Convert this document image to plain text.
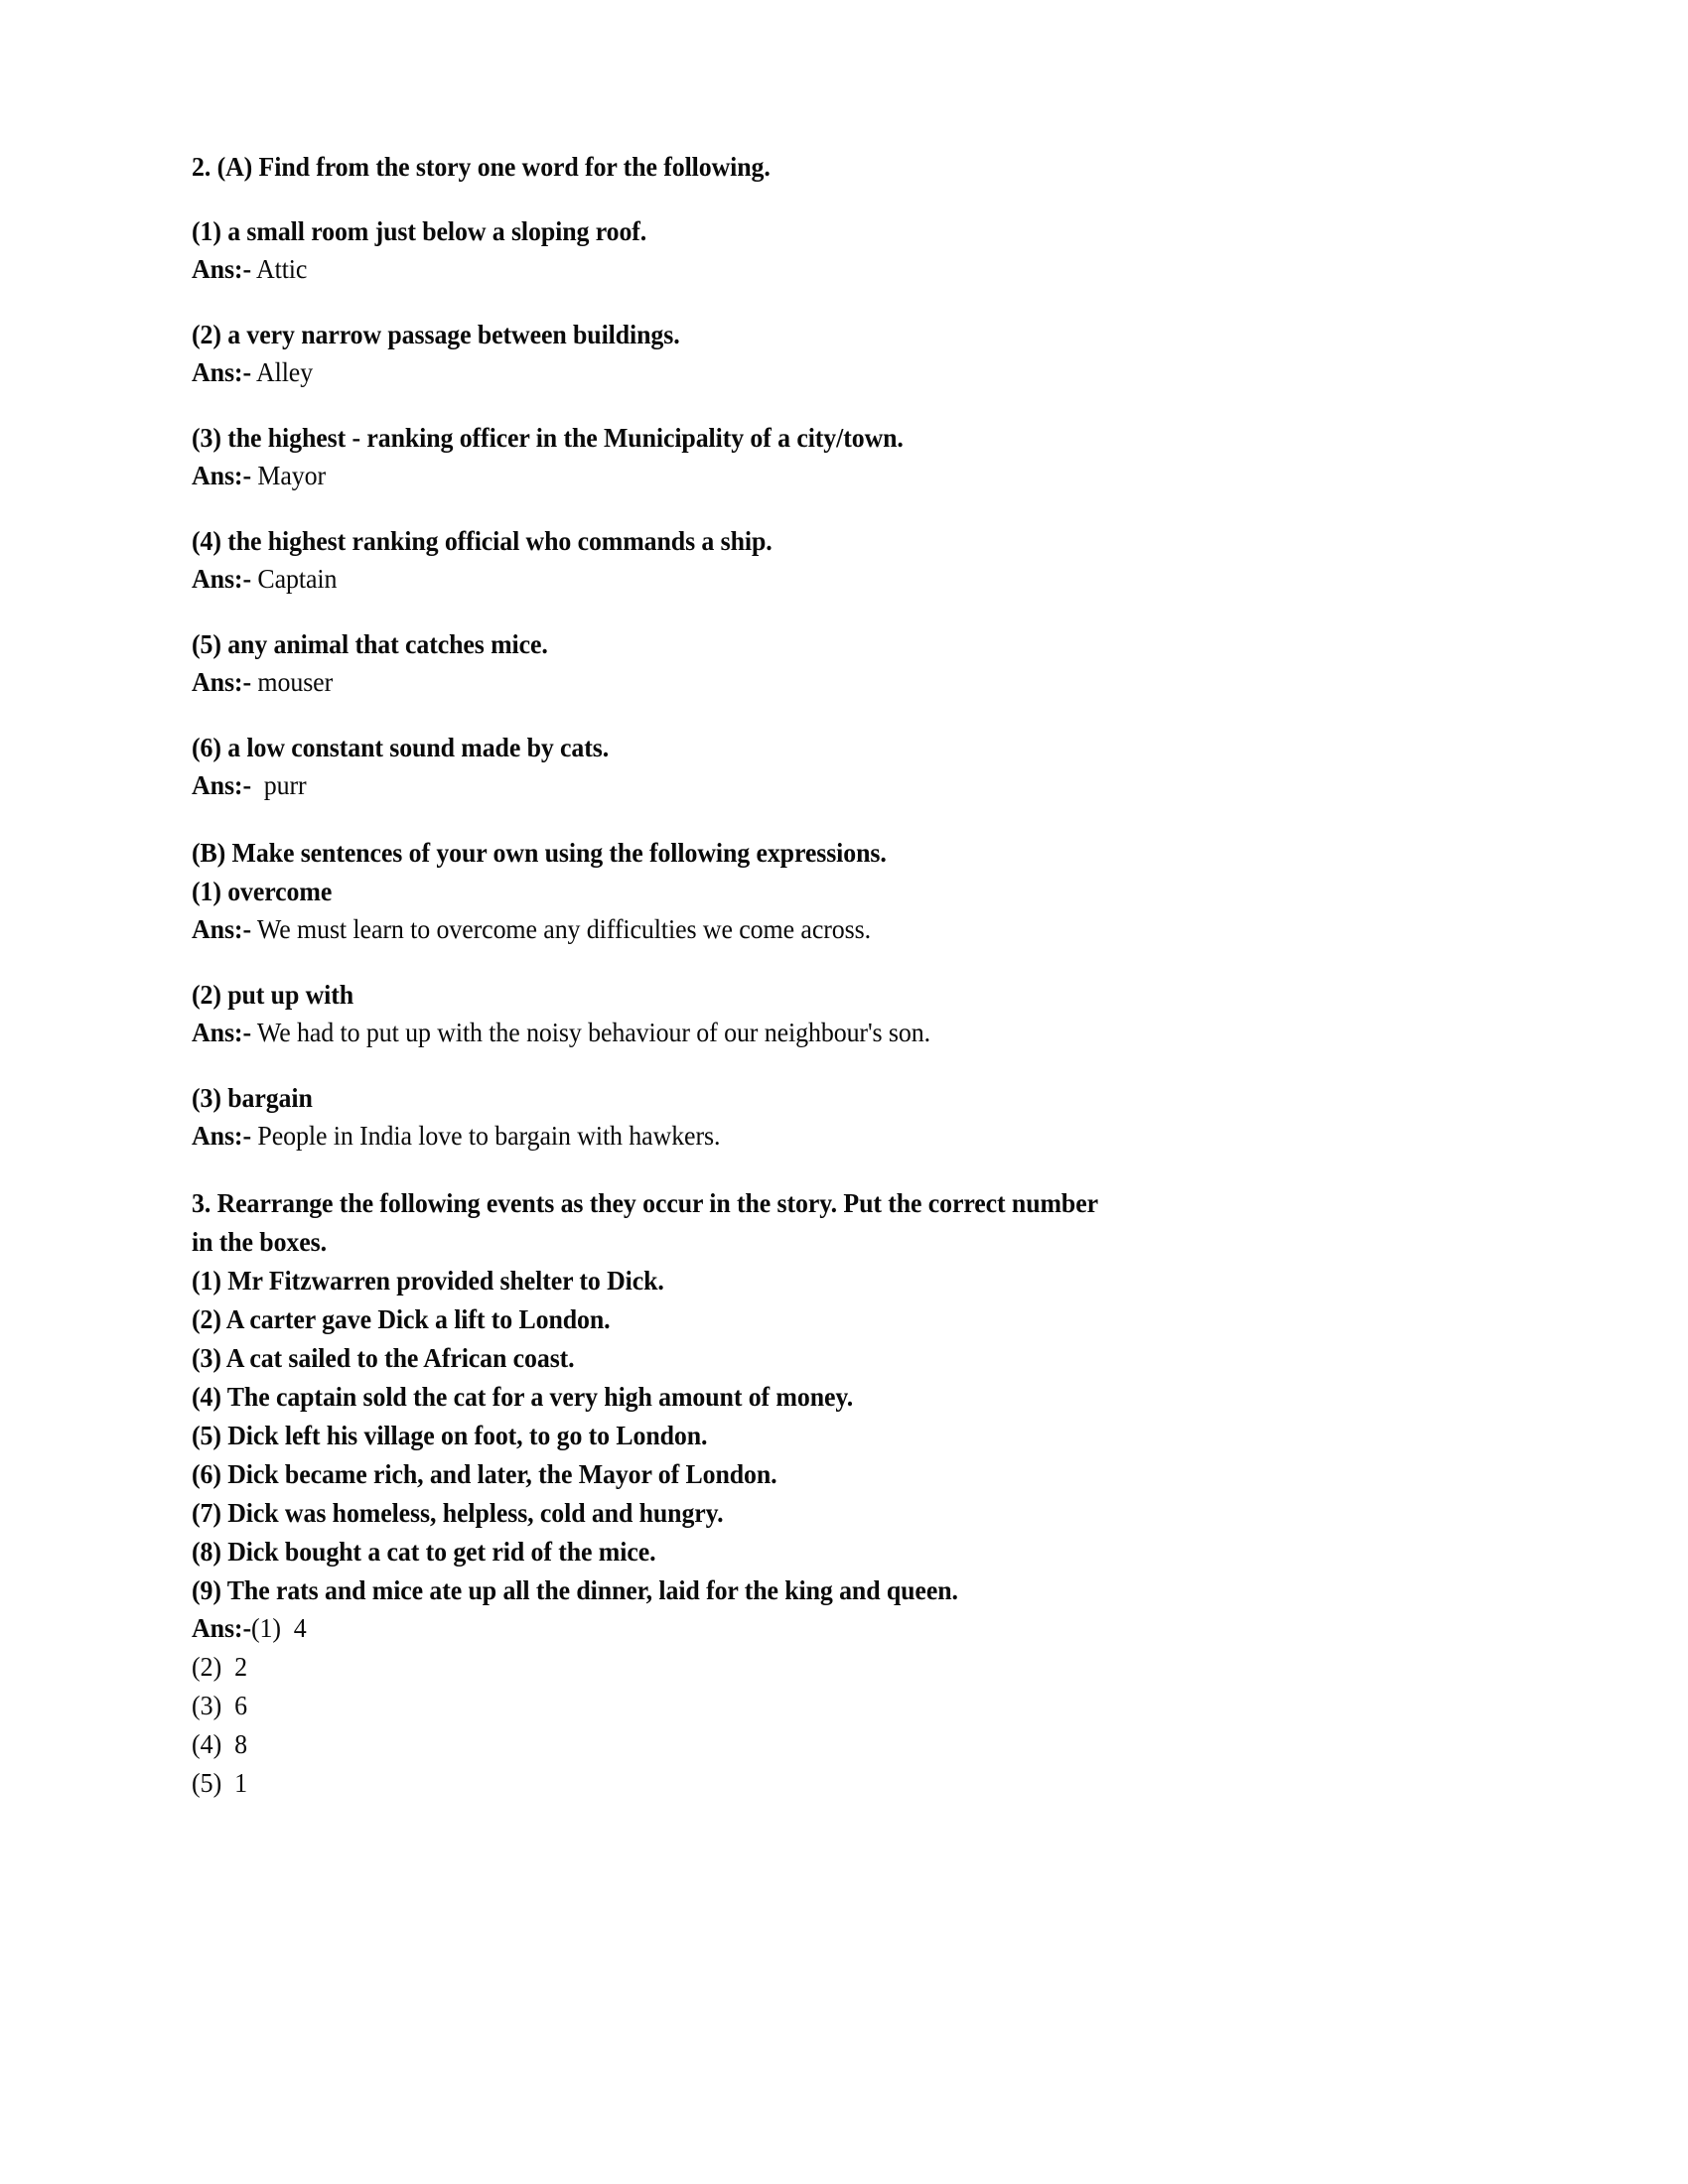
2. (A) Find from the story one word for the following.
(1) a small room just below a sloping roof.
Ans:- Attic
(2) a very narrow passage between buildings.
Ans:- Alley
(3) the highest - ranking officer in the Municipality of a city/town.
Ans:- Mayor
(4) the highest ranking official who commands a ship.
Ans:- Captain
(5) any animal that catches mice.
Ans:- mouser
(6) a low constant sound made by cats.
Ans:-  purr
(B) Make sentences of your own using the following expressions.
(1) overcome
Ans:- We must learn to overcome any difficulties we come across.
(2) put up with
Ans:- We had to put up with the noisy behaviour of our neighbour's son.
(3) bargain
Ans:- People in India love to bargain with hawkers.
3. Rearrange the following events as they occur in the story. Put the correct number
in the boxes.
(1) Mr Fitzwarren provided shelter to Dick.
(2) A carter gave Dick a lift to London.
(3) A cat sailed to the African coast.
(4) The captain sold the cat for a very high amount of money.
(5) Dick left his village on foot, to go to London.
(6) Dick became rich, and later, the Mayor of London.
(7) Dick was homeless, helpless, cold and hungry.
(8) Dick bought a cat to get rid of the mice.
(9) The rats and mice ate up all the dinner, laid for the king and queen.
Ans:-(1) 4
(2) 2
(3) 6
(4) 8
(5) 1
